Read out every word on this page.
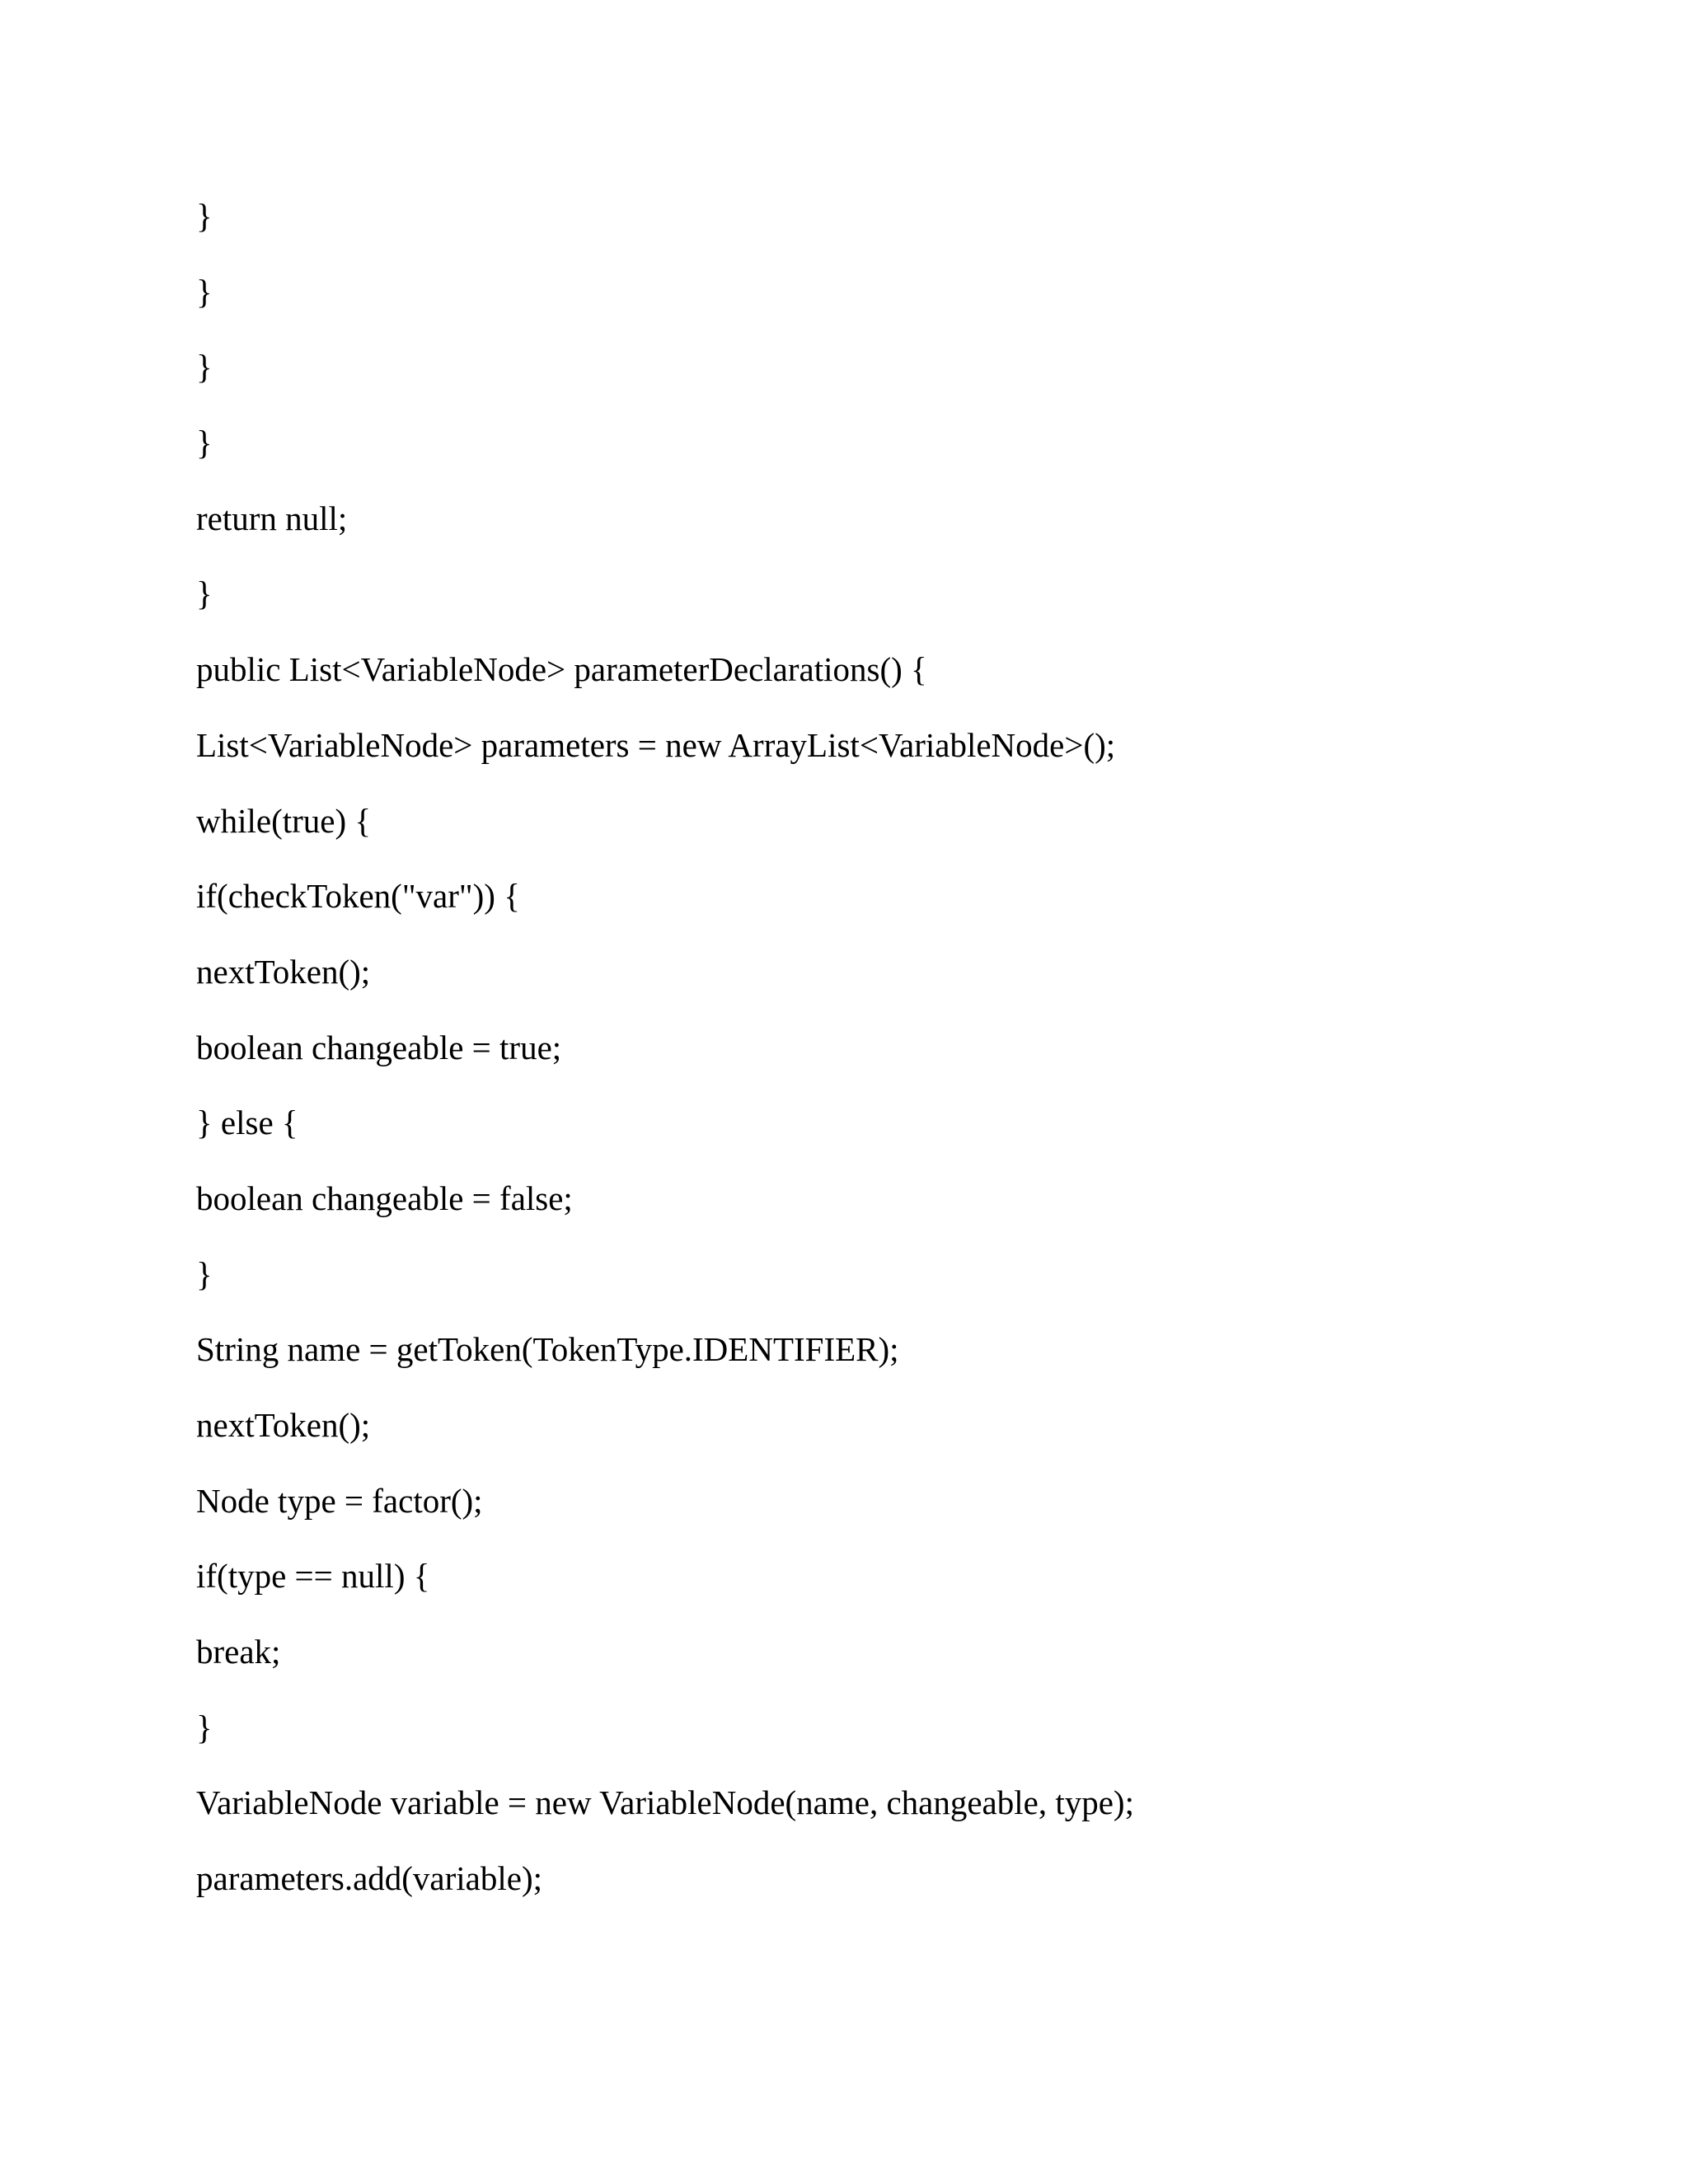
}
}
}
}
return null;
}
public List<VariableNode> parameterDeclarations() {
List<VariableNode> parameters = new ArrayList<VariableNode>();
while(true) {
if(checkToken("var")) {
nextToken();
boolean changeable = true;
} else {
boolean changeable = false;
}
String name = getToken(TokenType.IDENTIFIER);
nextToken();
Node type = factor();
if(type == null) {
break;
}
VariableNode variable = new VariableNode(name, changeable, type);
parameters.add(variable);
